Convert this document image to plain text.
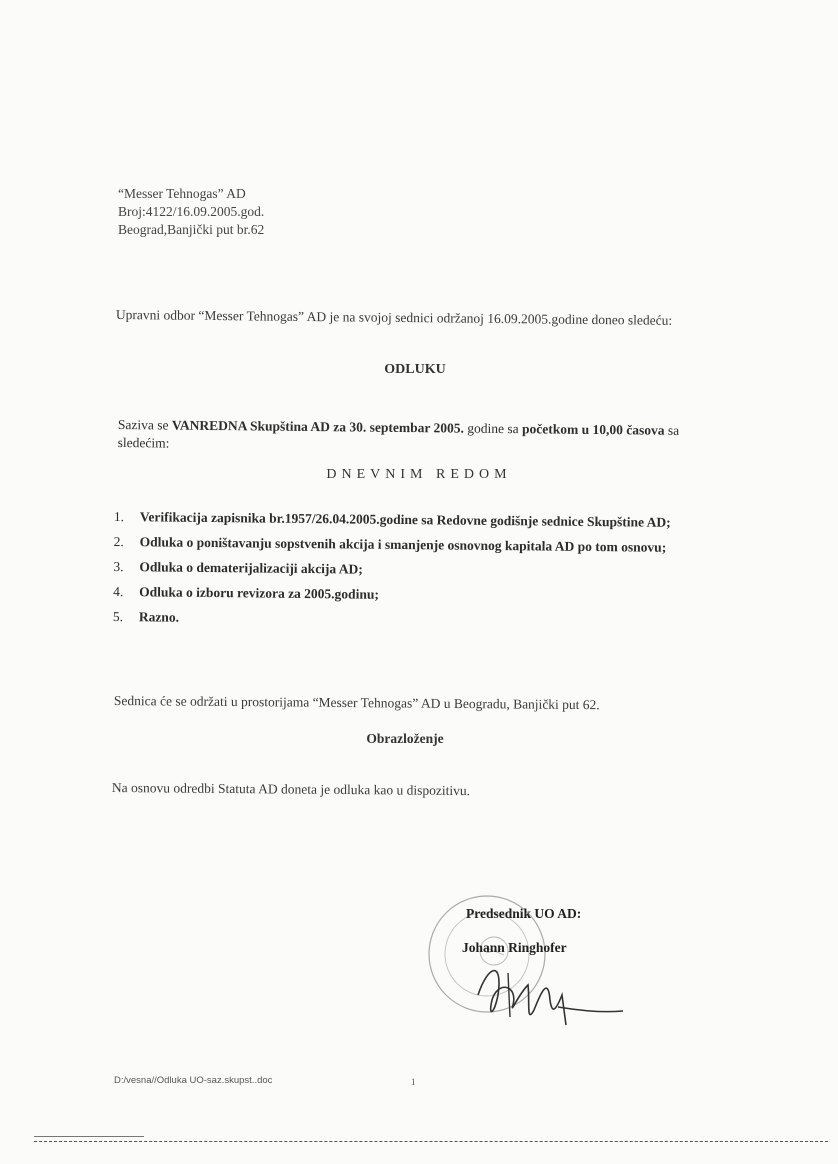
“Messer Tehnogas” AD
Broj:4122/16.09.2005.god.
Beograd,Banjički put br.62
Upravni odbor “Messer Tehnogas” AD je na svojoj sednici održanoj 16.09.2005.godine doneo sledeću:
ODLUKU
Saziva se VANREDNA Skupština AD za 30. septembar 2005. godine sa početkom u 10,00 časova sa sledećim:
DNEVNIM REDOM
1.	Verifikacija zapisnika br.1957/26.04.2005.godine sa Redovne godišnje sednice Skupštine AD;
2.	Odluka o poništavanju sopstvenih akcija i smanjenje osnovnog kapitala AD po tom osnovu;
3.	Odluka o dematerijalizaciji akcija AD;
4.	Odluka o izboru revizora za 2005.godinu;
5.	Razno.
Sednica će se održati u prostorijama “Messer Tehnogas” AD u Beogradu, Banjički put 62.
Obrazloženje
Na osnovu odredbi Statuta AD doneta je odluka kao u dispozitivu.
Predsednik UO AD:
Johann Ringhofer
D:/vesna//Odluka UO-saz.skupst..doc	1
